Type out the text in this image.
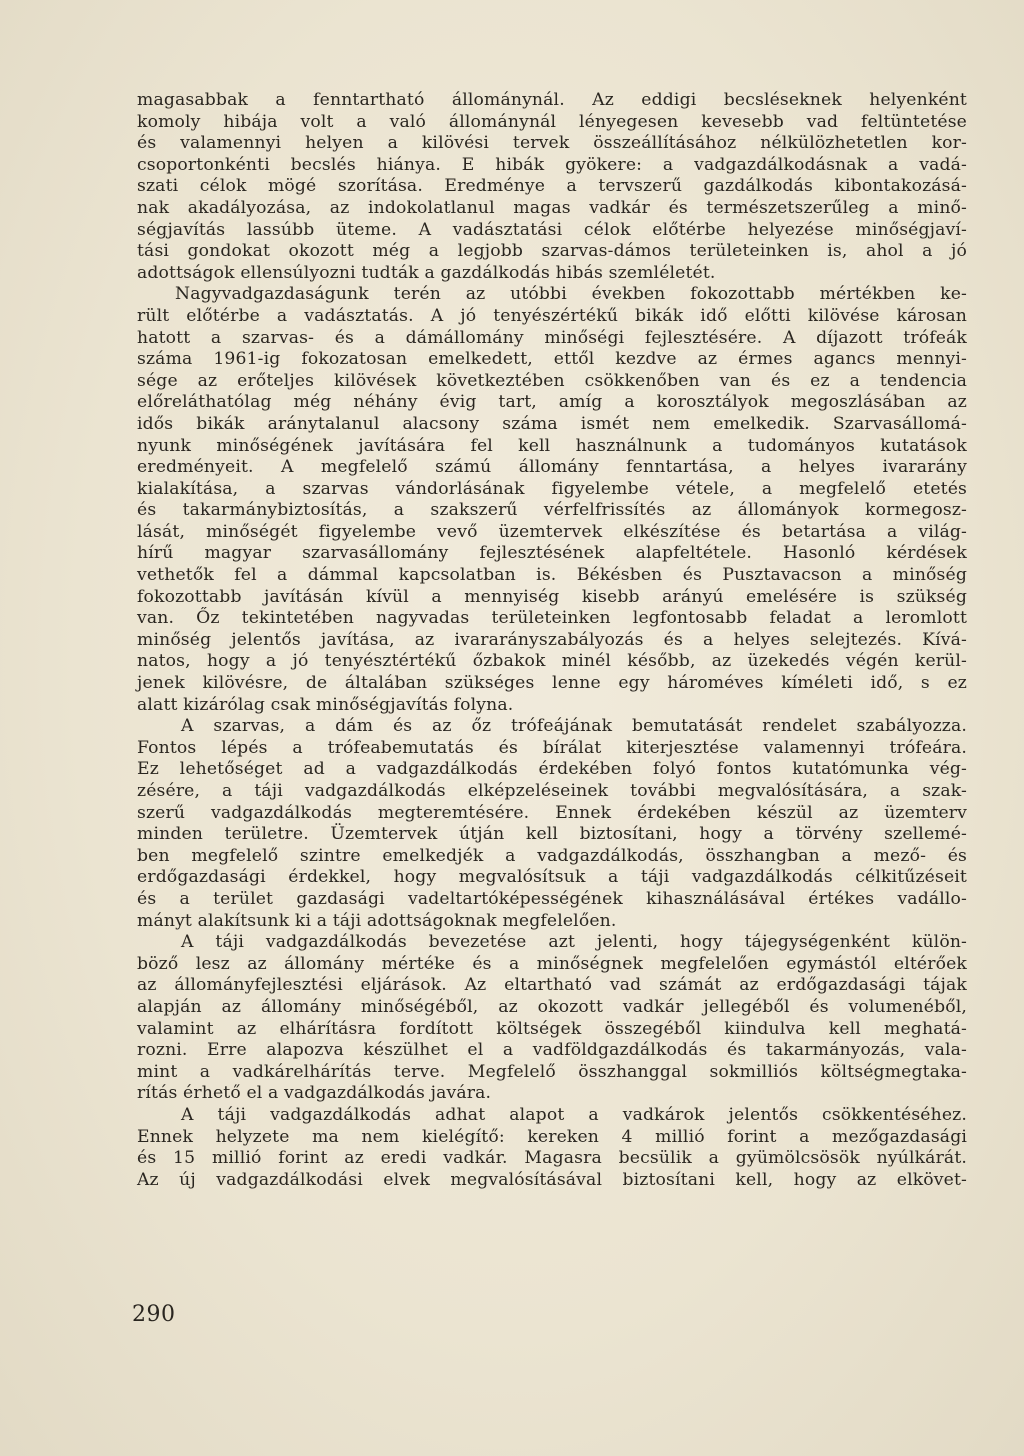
magasabbak a fenntartható állománynál. Az eddigi becsléseknek helyenként
komoly hibája volt a való állománynál lényegesen kevesebb vad feltüntetése
és valamennyi helyen a kilövési tervek összeállításához nélkülözhetetlen kor-
csoportonkénti becslés hiánya. E hibák gyökere: a vadgazdálkodásnak a vadá-
szati célok mögé szorítása. Eredménye a tervszerű gazdálkodás kibontakozásá-
nak akadályozása, az indokolatlanul magas vadkár és természetszerűleg a minő-
ségjavítás lassúbb üteme. A vadásztatási célok előtérbe helyezése minőségjaví-
tási gondokat okozott még a legjobb szarvas-dámos területeinken is, ahol a jó
adottságok ellensúlyozni tudták a gazdálkodás hibás szemléletét.
Nagyvadgazdaságunk terén az utóbbi években fokozottabb mértékben ke-
rült előtérbe a vadásztatás. A jó tenyészértékű bikák idő előtti kilövése károsan
hatott a szarvas- és a dámállomány minőségi fejlesztésére. A díjazott trófeák
száma 1961-ig fokozatosan emelkedett, ettől kezdve az érmes agancs mennyi-
sége az erőteljes kilövések következtében csökkenőben van és ez a tendencia
előreláthatólag még néhány évig tart, amíg a korosztályok megoszlásában az
idős bikák aránytalanul alacsony száma ismét nem emelkedik. Szarvasállomá-
nyunk minőségének javítására fel kell használnunk a tudományos kutatások
eredményeit. A megfelelő számú állomány fenntartása, a helyes ivararány
kialakítása, a szarvas vándorlásának figyelembe vétele, a megfelelő etetés
és takarmánybiztosítás, a szakszerű vérfelfrissítés az állományok kormegosz-
lását, minőségét figyelembe vevő üzemtervek elkészítése és betartása a világ-
hírű magyar szarvasállomány fejlesztésének alapfeltétele. Hasonló kérdések
vethetők fel a dámmal kapcsolatban is. Békésben és Pusztavacson a minőség
fokozottabb javításán kívül a mennyiség kisebb arányú emelésére is szükség
van. Őz tekintetében nagyvadas területeinken legfontosabb feladat a leromlott
minőség jelentős javítása, az ivararányszabályozás és a helyes selejtezés. Kívá-
natos, hogy a jó tenyésztértékű őzbakok minél később, az üzekedés végén kerül-
jenek kilövésre, de általában szükséges lenne egy hároméves kíméleti idő, s ez
alatt kizárólag csak minőségjavítás folyna.
A szarvas, a dám és az őz trófeájának bemutatását rendelet szabályozza.
Fontos lépés a trófeabemutatás és bírálat kiterjesztése valamennyi trófeára.
Ez lehetőséget ad a vadgazdálkodás érdekében folyó fontos kutatómunka vég-
zésére, a táji vadgazdálkodás elképzeléseinek további megvalósítására, a szak-
szerű vadgazdálkodás megteremtésére. Ennek érdekében készül az üzemterv
minden területre. Üzemtervek útján kell biztosítani, hogy a törvény szellemé-
ben megfelelő szintre emelkedjék a vadgazdálkodás, összhangban a mező- és
erdőgazdasági érdekkel, hogy megvalósítsuk a táji vadgazdálkodás célkitűzéseit
és a terület gazdasági vadeltartóképességének kihasználásával értékes vadállo-
mányt alakítsunk ki a táji adottságoknak megfelelően.
A táji vadgazdálkodás bevezetése azt jelenti, hogy tájegységenként külön-
böző lesz az állomány mértéke és a minőségnek megfelelően egymástól eltérőek
az állományfejlesztési eljárások. Az eltartható vad számát az erdőgazdasági tájak
alapján az állomány minőségéből, az okozott vadkár jellegéből és volumenéből,
valamint az elhárításra fordított költségek összegéből kiindulva kell meghatá-
rozni. Erre alapozva készülhet el a vadföldgazdálkodás és takarmányozás, vala-
mint a vadkárelhárítás terve. Megfelelő összhanggal sokmilliós költségmegtaka-
rítás érhető el a vadgazdálkodás javára.
A táji vadgazdálkodás adhat alapot a vadkárok jelentős csökkentéséhez.
Ennek helyzete ma nem kielégítő: kereken 4 millió forint a mezőgazdasági
és 15 millió forint az eredi vadkár. Magasra becsülik a gyümölcsösök nyúlkárát.
Az új vadgazdálkodási elvek megvalósításával biztosítani kell, hogy az elkövet-
290
